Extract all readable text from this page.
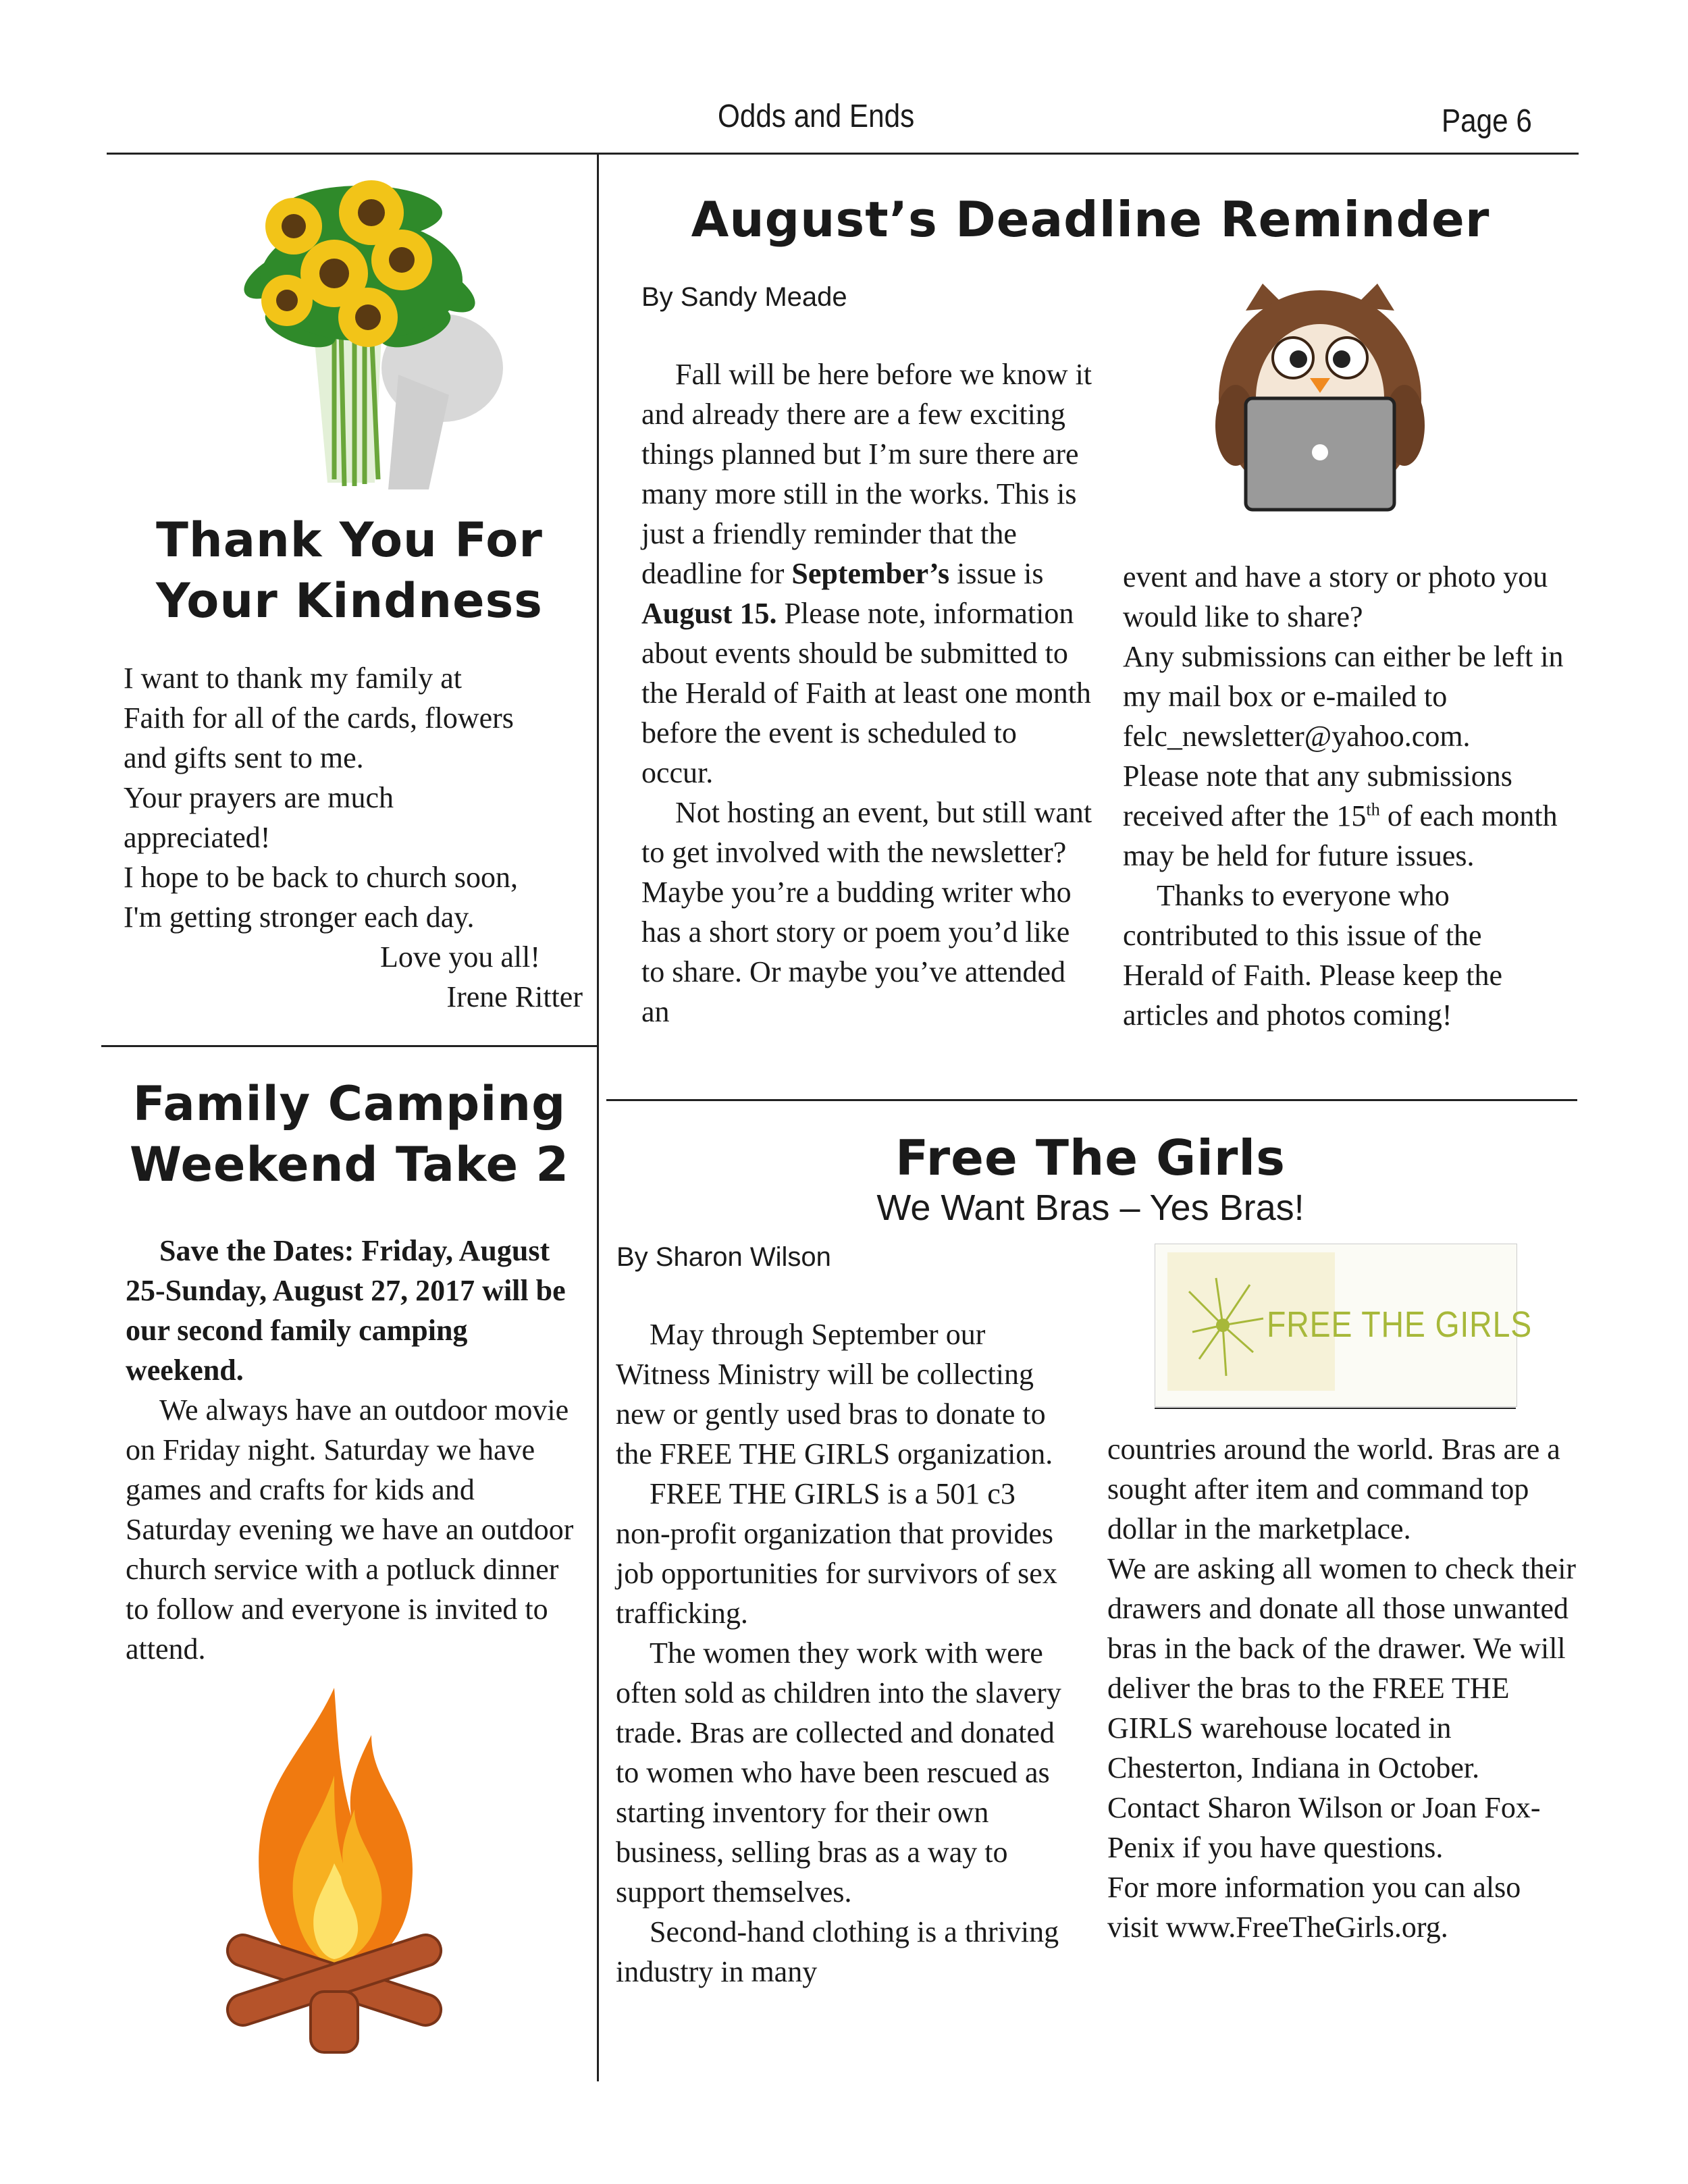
Odds and Ends	Page 6
Thank You For
Your Kindness
I want to thank my family at
Faith for all of the cards, flowers
and gifts sent to me.
Your prayers are much
appreciated!
I hope to be back to church soon,
I'm getting stronger each day.
Love you all!
Irene Ritter
Family Camping
Weekend Take 2

Save the Dates: Friday, August 25-Sunday, August 27, 2017 will be our second family camping weekend.

We always have an outdoor movie on Friday night. Saturday we have games and crafts for kids and Saturday evening we have an outdoor church service with a potluck dinner to follow and everyone is invited to attend.

August’s Deadline Reminder
By Sandy Meade

Fall will be here before we know it and already there are a few exciting things planned but I’m sure there are many more still in the works. This is just a friendly reminder that the deadline for September’s issue is August 15. Please note, information about events should be submitted to the Herald of Faith at least one month before the event is scheduled to occur.

Not hosting an event, but still want to get involved with the newsletter? Maybe you’re a budding writer who has a short story or poem you’d like to share. Or maybe you’ve attended an

event and have a story or photo you would like to share?

Any submissions can either be left in my mail box or e-mailed to felc_newsletter@yahoo.com.

Please note that any submissions received after the 15th of each month may be held for future issues.

Thanks to everyone who contributed to this issue of the Herald of Faith. Please keep the articles and photos coming!

Free The Girls
We Want Bras – Yes Bras!
By Sharon Wilson
FREE THE GIRLS

May through September our Witness Ministry will be collecting new or gently used bras to donate to the FREE THE GIRLS organization.

FREE THE GIRLS is a 501 c3 non-profit organization that provides job opportunities for survivors of sex trafficking.

The women they work with were often sold as children into the slavery trade. Bras are collected and donated to women who have been rescued as starting inventory for their own business, selling bras as a way to support themselves.

Second-hand clothing is a thriving industry in many

countries around the world. Bras are a sought after item and command top dollar in the marketplace.

We are asking all women to check their drawers and donate all those unwanted bras in the back of the drawer. We will deliver the bras to the FREE THE GIRLS warehouse located in Chesterton, Indiana in October.

Contact Sharon Wilson or Joan Fox-Penix if you have questions.

For more information you can also visit www.FreeTheGirls.org.
